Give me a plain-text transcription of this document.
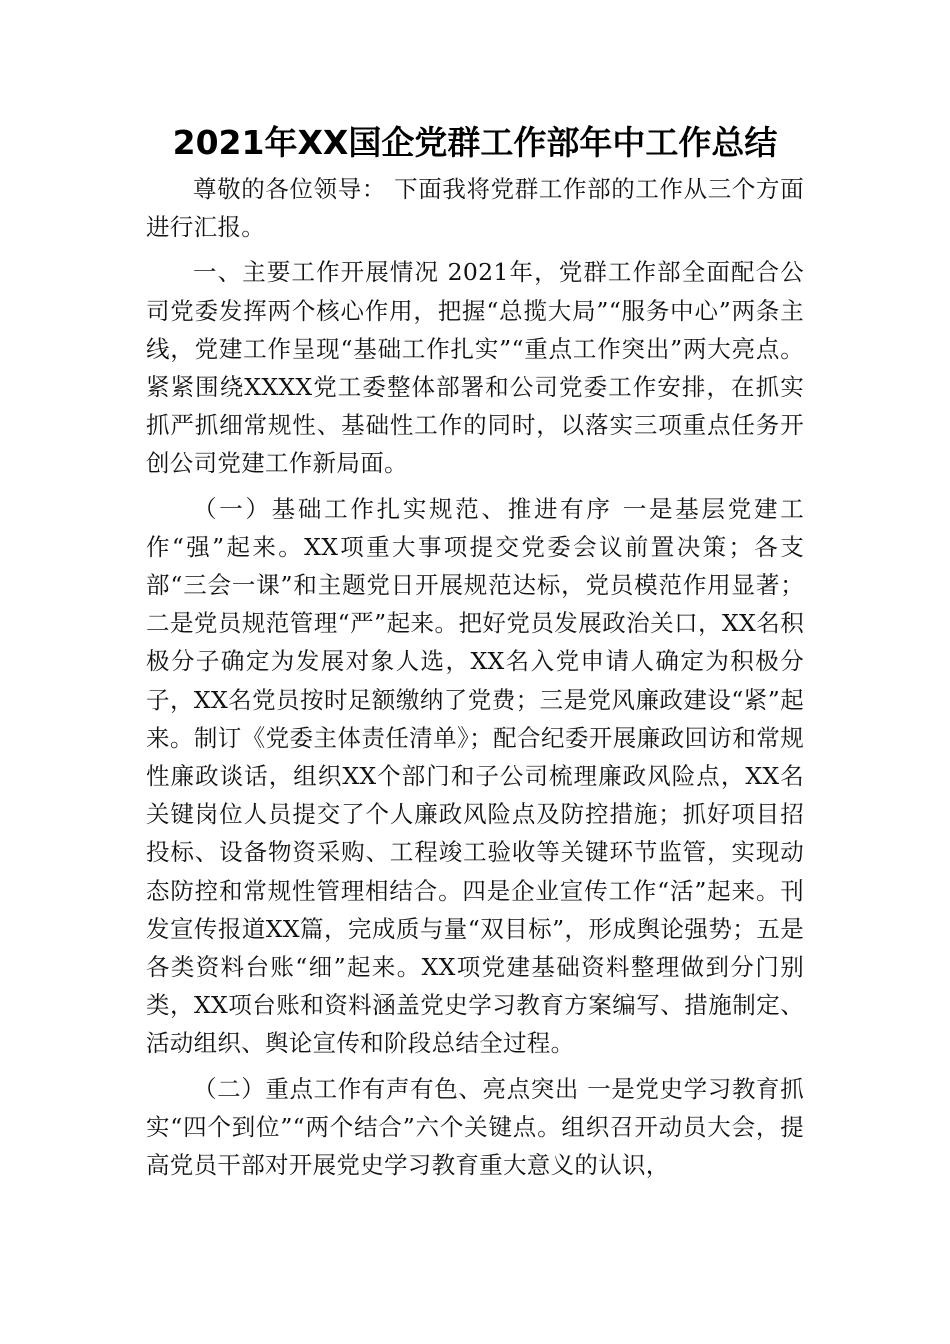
2021年XX国企党群工作部年中工作总结

尊敬的各位领导： 下面我将党群工作部的工作从三个方面进行汇报。

一、主要工作开展情况 2021年，党群工作部全面配合公司党委发挥两个核心作用，把握“总揽大局”“服务中心”两条主线，党建工作呈现“基础工作扎实”“重点工作突出”两大亮点。紧紧围绕XXXX党工委整体部署和公司党委工作安排，在抓实抓严抓细常规性、基础性工作的同时，以落实三项重点任务开创公司党建工作新局面。

（一）基础工作扎实规范、推进有序 一是基层党建工作“强”起来。XX项重大事项提交党委会议前置决策；各支部“三会一课”和主题党日开展规范达标，党员模范作用显著；二是党员规范管理“严”起来。把好党员发展政治关口，XX名积极分子确定为发展对象人选，XX名入党申请人确定为积极分子，XX名党员按时足额缴纳了党费；三是党风廉政建设“紧”起来。制订《党委主体责任清单》；配合纪委开展廉政回访和常规性廉政谈话，组织XX个部门和子公司梳理廉政风险点，XX名关键岗位人员提交了个人廉政风险点及防控措施；抓好项目招投标、设备物资采购、工程竣工验收等关键环节监管，实现动态防控和常规性管理相结合。四是企业宣传工作“活”起来。刊发宣传报道XX篇，完成质与量“双目标”，形成舆论强势；五是各类资料台账“细”起来。XX项党建基础资料整理做到分门别类，XX项台账和资料涵盖党史学习教育方案编写、措施制定、活动组织、舆论宣传和阶段总结全过程。

（二）重点工作有声有色、亮点突出 一是党史学习教育抓实“四个到位”“两个结合”六个关键点。组织召开动员大会，提高党员干部对开展党史学习教育重大意义的认识，
